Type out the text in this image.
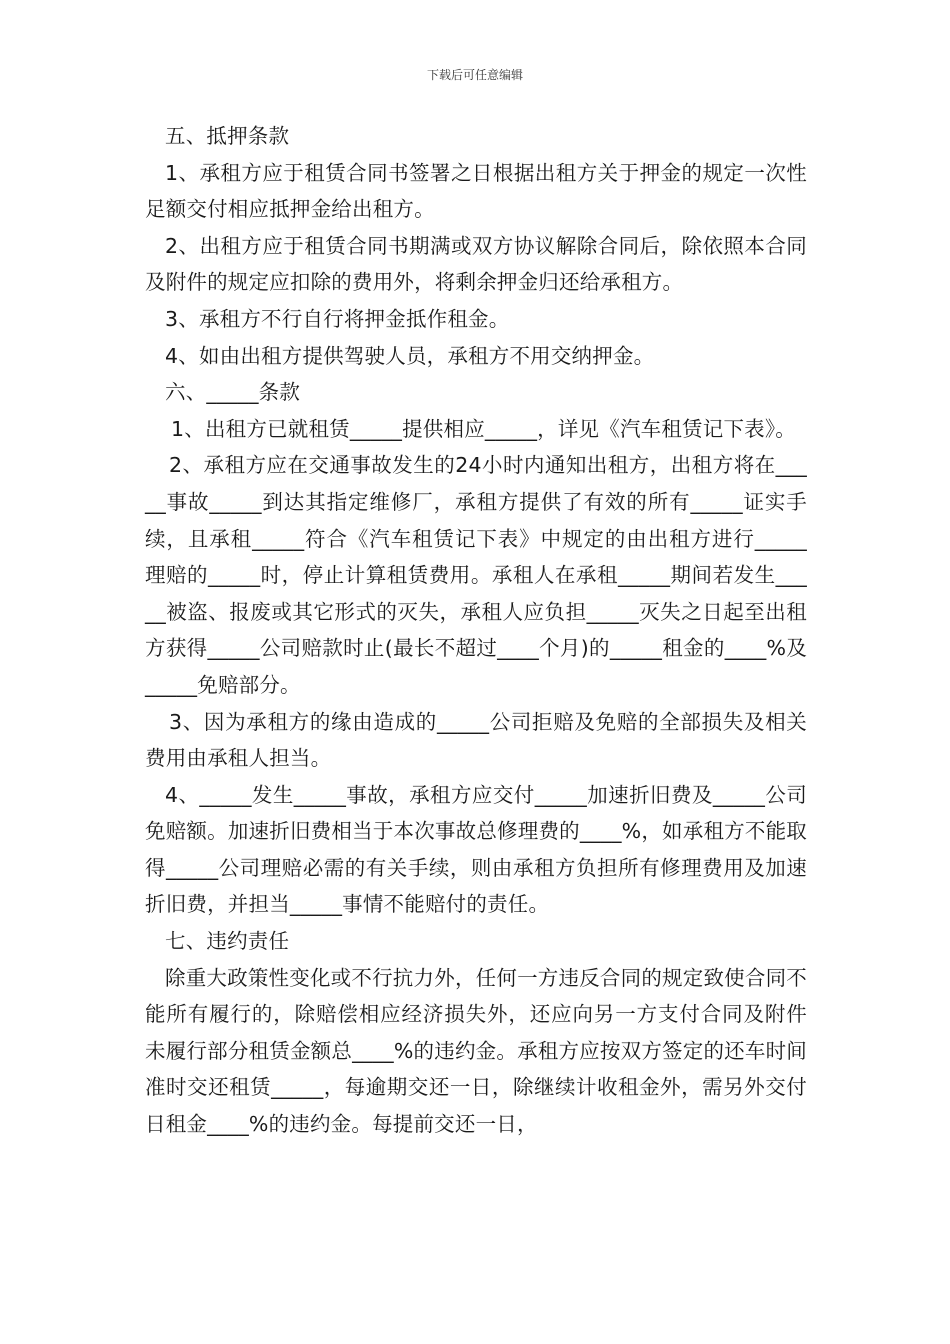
下载后可任意编辑

五、抵押条款

1、承租方应于租赁合同书签署之日根据出租方关于押金的规定一次性足额交付相应抵押金给出租方。

2、出租方应于租赁合同书期满或双方协议解除合同后，除依照本合同及附件的规定应扣除的费用外，将剩余押金归还给承租方。

3、承租方不行自行将押金抵作租金。

4、如由出租方提供驾驶人员，承租方不用交纳押金。

六、_____条款

1、出租方已就租赁_____提供相应_____，详见《汽车租赁记下表》。

2、承租方应在交通事故发生的24小时内通知出租方，出租方将在_____事故_____到达其指定维修厂，承租方提供了有效的所有_____证实手续，且承租_____符合《汽车租赁记下表》中规定的由出租方进行_____理赔的_____时，停止计算租赁费用。承租人在承租_____期间若发生_____被盗、报废或其它形式的灭失，承租人应负担_____灭失之日起至出租方获得_____公司赔款时止(最长不超过____个月)的_____租金的____%及_____免赔部分。

3、因为承租方的缘由造成的_____公司拒赔及免赔的全部损失及相关费用由承租人担当。

4、_____发生_____事故，承租方应交付_____加速折旧费及_____公司免赔额。加速折旧费相当于本次事故总修理费的____%，如承租方不能取得_____公司理赔必需的有关手续，则由承租方负担所有修理费用及加速折旧费，并担当_____事情不能赔付的责任。

七、违约责任

除重大政策性变化或不行抗力外，任何一方违反合同的规定致使合同不能所有履行的，除赔偿相应经济损失外，还应向另一方支付合同及附件未履行部分租赁金额总____%的违约金。承租方应按双方签定的还车时间准时交还租赁_____，每逾期交还一日，除继续计收租金外，需另外交付日租金____%的违约金。每提前交还一日，
